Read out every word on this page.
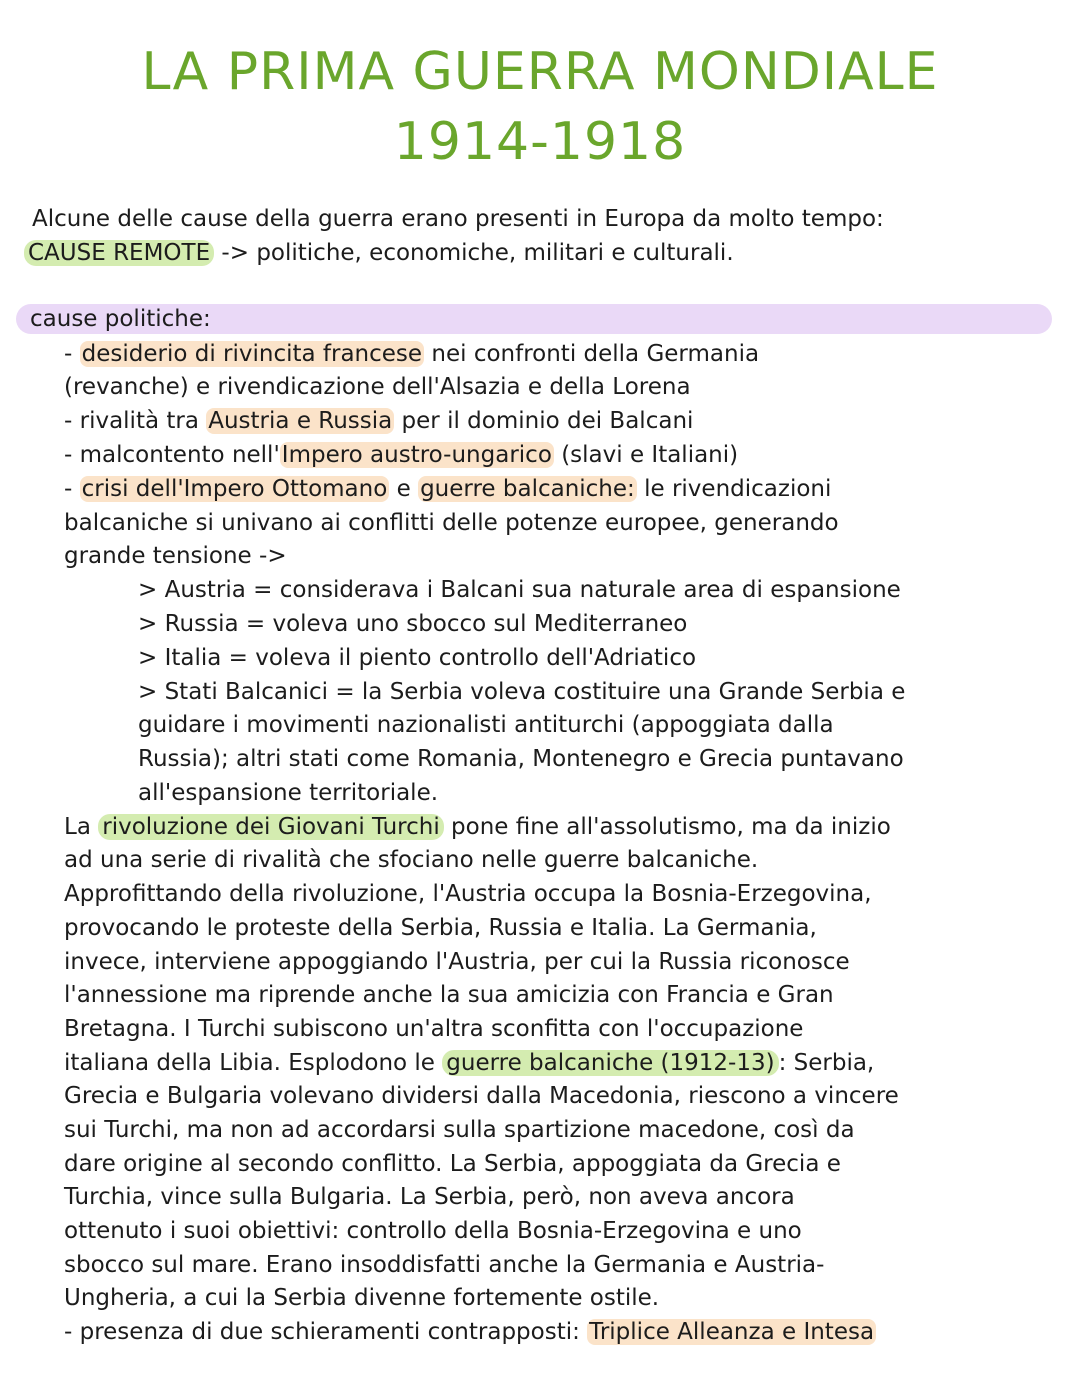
LA PRIMA GUERRA MONDIALE
1914-1918
Alcune delle cause della guerra erano presenti in Europa da molto tempo:
CAUSE REMOTE -> politiche, economiche, militari e culturali.
cause politiche:
- desiderio di rivincita francese nei confronti della Germania
(revanche) e rivendicazione dell'Alsazia e della Lorena
- rivalità tra Austria e Russia per il dominio dei Balcani
- malcontento nell'Impero austro-ungarico (slavi e Italiani)
- crisi dell'Impero Ottomano e guerre balcaniche: le rivendicazioni
balcaniche si univano ai conflitti delle potenze europee, generando
grande tensione ->
> Austria = considerava i Balcani sua naturale area di espansione
> Russia = voleva uno sbocco sul Mediterraneo
> Italia = voleva il piento controllo dell'Adriatico
> Stati Balcanici = la Serbia voleva costituire una Grande Serbia e
guidare i movimenti nazionalisti antiturchi (appoggiata dalla
Russia); altri stati come Romania, Montenegro e Grecia puntavano
all'espansione territoriale.
La rivoluzione dei Giovani Turchi pone fine all'assolutismo, ma da inizio
ad una serie di rivalità che sfociano nelle guerre balcaniche.
Approfittando della rivoluzione, l'Austria occupa la Bosnia-Erzegovina,
provocando le proteste della Serbia, Russia e Italia. La Germania,
invece, interviene appoggiando l'Austria, per cui la Russia riconosce
l'annessione ma riprende anche la sua amicizia con Francia e Gran
Bretagna. I Turchi subiscono un'altra sconfitta con l'occupazione
italiana della Libia. Esplodono le guerre balcaniche (1912-13) : Serbia,
Grecia e Bulgaria volevano dividersi dalla Macedonia, riescono a vincere
sui Turchi, ma non ad accordarsi sulla spartizione macedone, così da
dare origine al secondo conflitto. La Serbia, appoggiata da Grecia e
Turchia, vince sulla Bulgaria. La Serbia, però, non aveva ancora
ottenuto i suoi obiettivi: controllo della Bosnia-Erzegovina e uno
sbocco sul mare. Erano insoddisfatti anche la Germania e Austria-
Ungheria, a cui la Serbia divenne fortemente ostile.
- presenza di due schieramenti contrapposti: Triplice Alleanza e Intesa
